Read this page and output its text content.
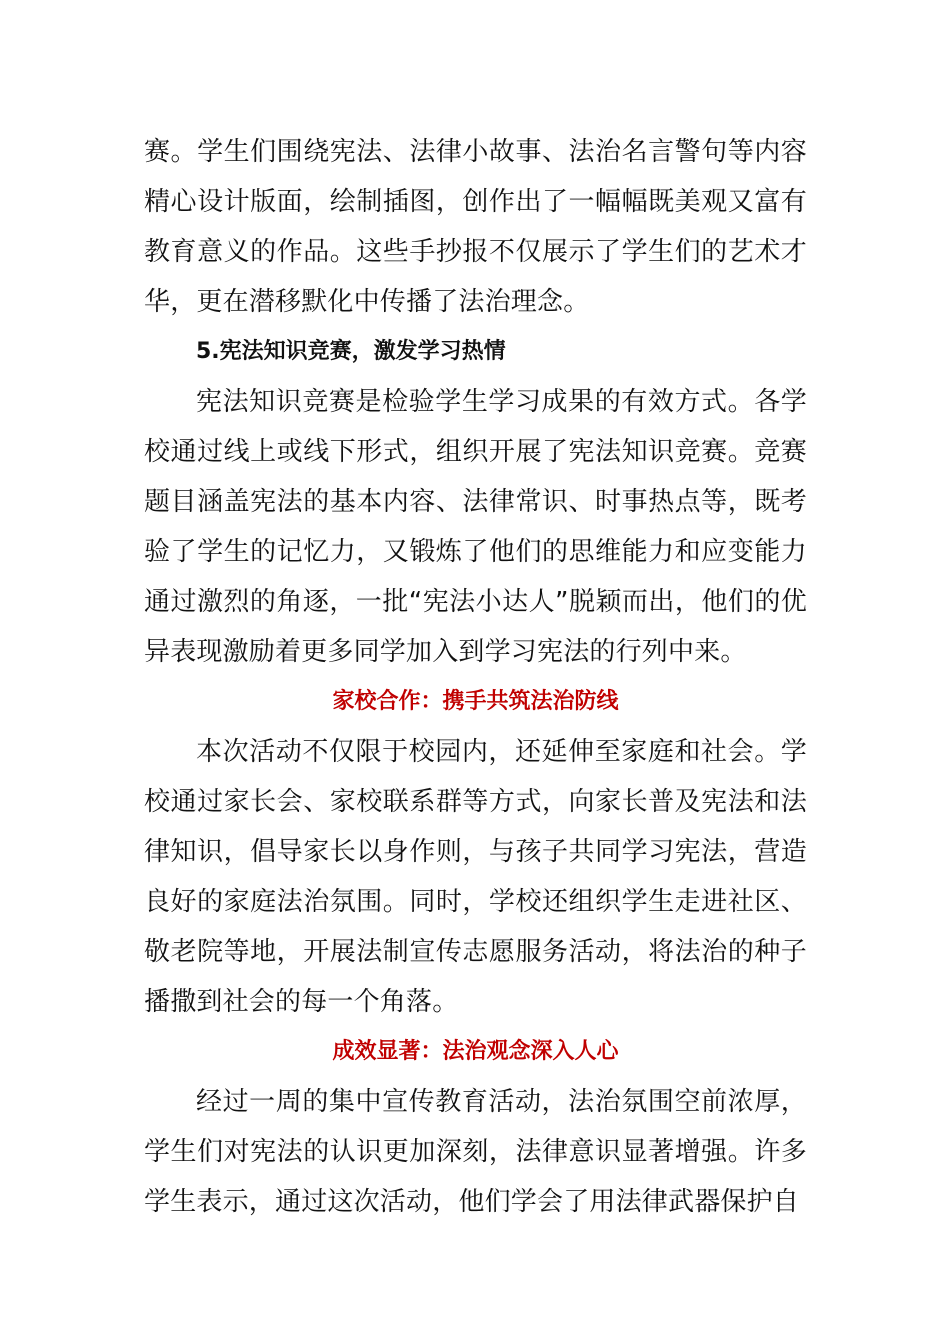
赛。学生们围绕宪法、法律小故事、法治名言警句等内容精心设计版面，绘制插图，创作出了一幅幅既美观又富有教育意义的作品。这些手抄报不仅展示了学生们的艺术才华，更在潜移默化中传播了法治理念。

5.宪法知识竞赛，激发学习热情

宪法知识竞赛是检验学生学习成果的有效方式。各学校通过线上或线下形式，组织开展了宪法知识竞赛。竞赛题目涵盖宪法的基本内容、法律常识、时事热点等，既考验了学生的记忆力，又锻炼了他们的思维能力和应变能力通过激烈的角逐，一批“宪法小达人”脱颖而出，他们的优异表现激励着更多同学加入到学习宪法的行列中来。

家校合作：携手共筑法治防线

本次活动不仅限于校园内，还延伸至家庭和社会。学校通过家长会、家校联系群等方式，向家长普及宪法和法律知识，倡导家长以身作则，与孩子共同学习宪法，营造良好的家庭法治氛围。同时，学校还组织学生走进社区、敬老院等地，开展法制宣传志愿服务活动，将法治的种子播撒到社会的每一个角落。

成效显著：法治观念深入人心

经过一周的集中宣传教育活动，法治氛围空前浓厚，学生们对宪法的认识更加深刻，法律意识显著增强。许多学生表示，通过这次活动，他们学会了用法律武器保护自
